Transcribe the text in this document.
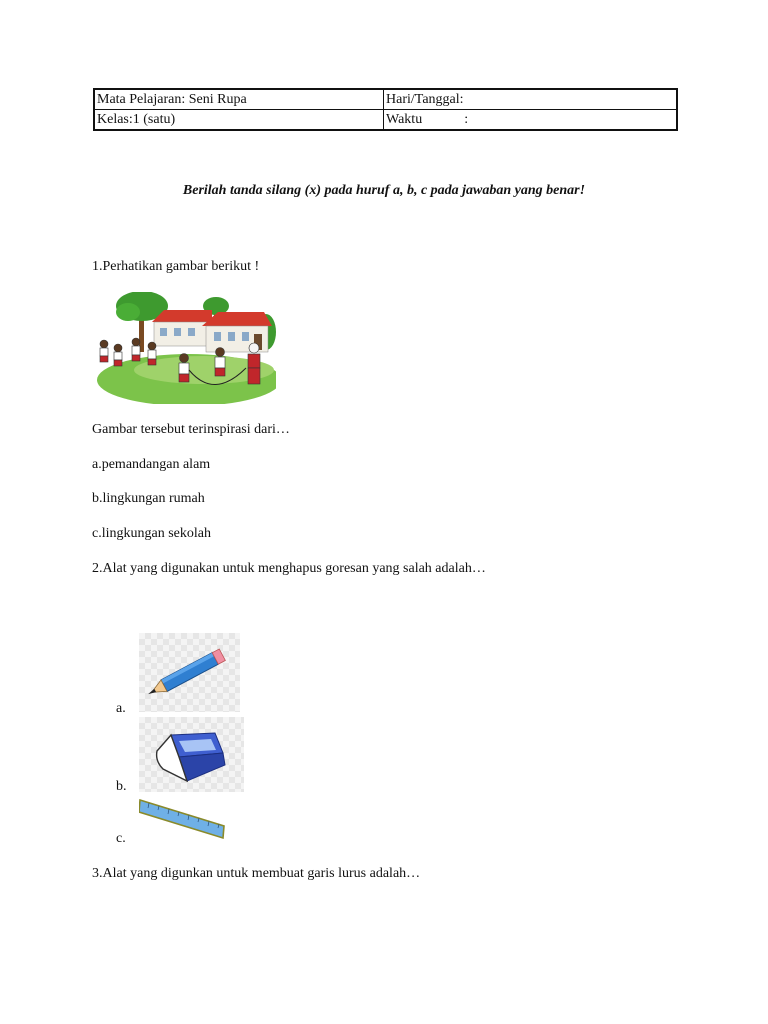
Mata Pelajaran: Seni Rupa	Hari/Tanggal:
Kelas:1 (satu)	Waktu            :
Berilah tanda silang (x) pada huruf a, b, c pada jawaban yang benar!
1.Perhatikan gambar berikut !
Gambar tersebut terinspirasi dari…
a.pemandangan alam
b.lingkungan rumah
c.lingkungan sekolah
2.Alat yang digunakan untuk menghapus goresan yang salah adalah…
a.
b.
c.
3.Alat yang digunkan untuk membuat garis lurus adalah…
